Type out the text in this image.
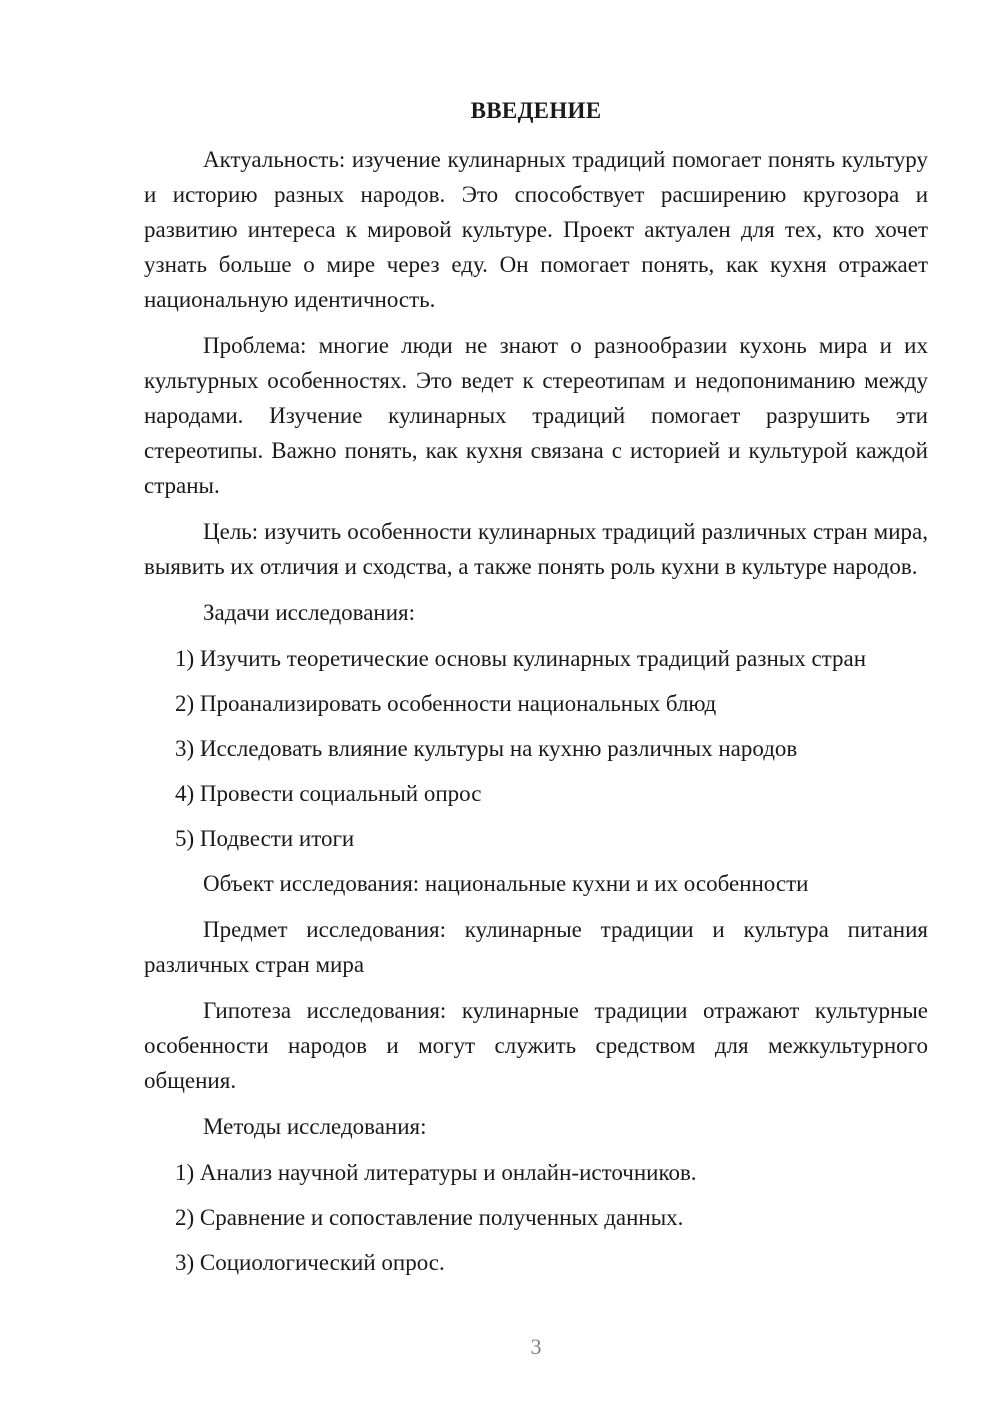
ВВЕДЕНИЕ

Актуальность: изучение кулинарных традиций помогает понять культуру и историю разных народов. Это способствует расширению кругозора и развитию интереса к мировой культуре. Проект актуален для тех, кто хочет узнать больше о мире через еду. Он помогает понять, как кухня отражает национальную идентичность.

Проблема: многие люди не знают о разнообразии кухонь мира и их культурных особенностях. Это ведет к стереотипам и недопониманию между народами. Изучение кулинарных традиций помогает разрушить эти стереотипы. Важно понять, как кухня связана с историей и культурой каждой страны.

Цель: изучить особенности кулинарных традиций различных стран мира, выявить их отличия и сходства, а также понять роль кухни в культуре народов.

Задачи исследования:

1) Изучить теоретические основы кулинарных традиций разных стран

2) Проанализировать особенности национальных блюд

3) Исследовать влияние культуры на кухню различных народов

4) Провести социальный опрос

5) Подвести итоги

Объект исследования: национальные кухни и их особенности

Предмет исследования: кулинарные традиции и культура питания различных стран мира

Гипотеза исследования: кулинарные традиции отражают культурные особенности народов и могут служить средством для межкультурного общения.

Методы исследования:

1) Анализ научной литературы и онлайн-источников.

2) Сравнение и сопоставление полученных данных.

3) Социологический опрос.

3
